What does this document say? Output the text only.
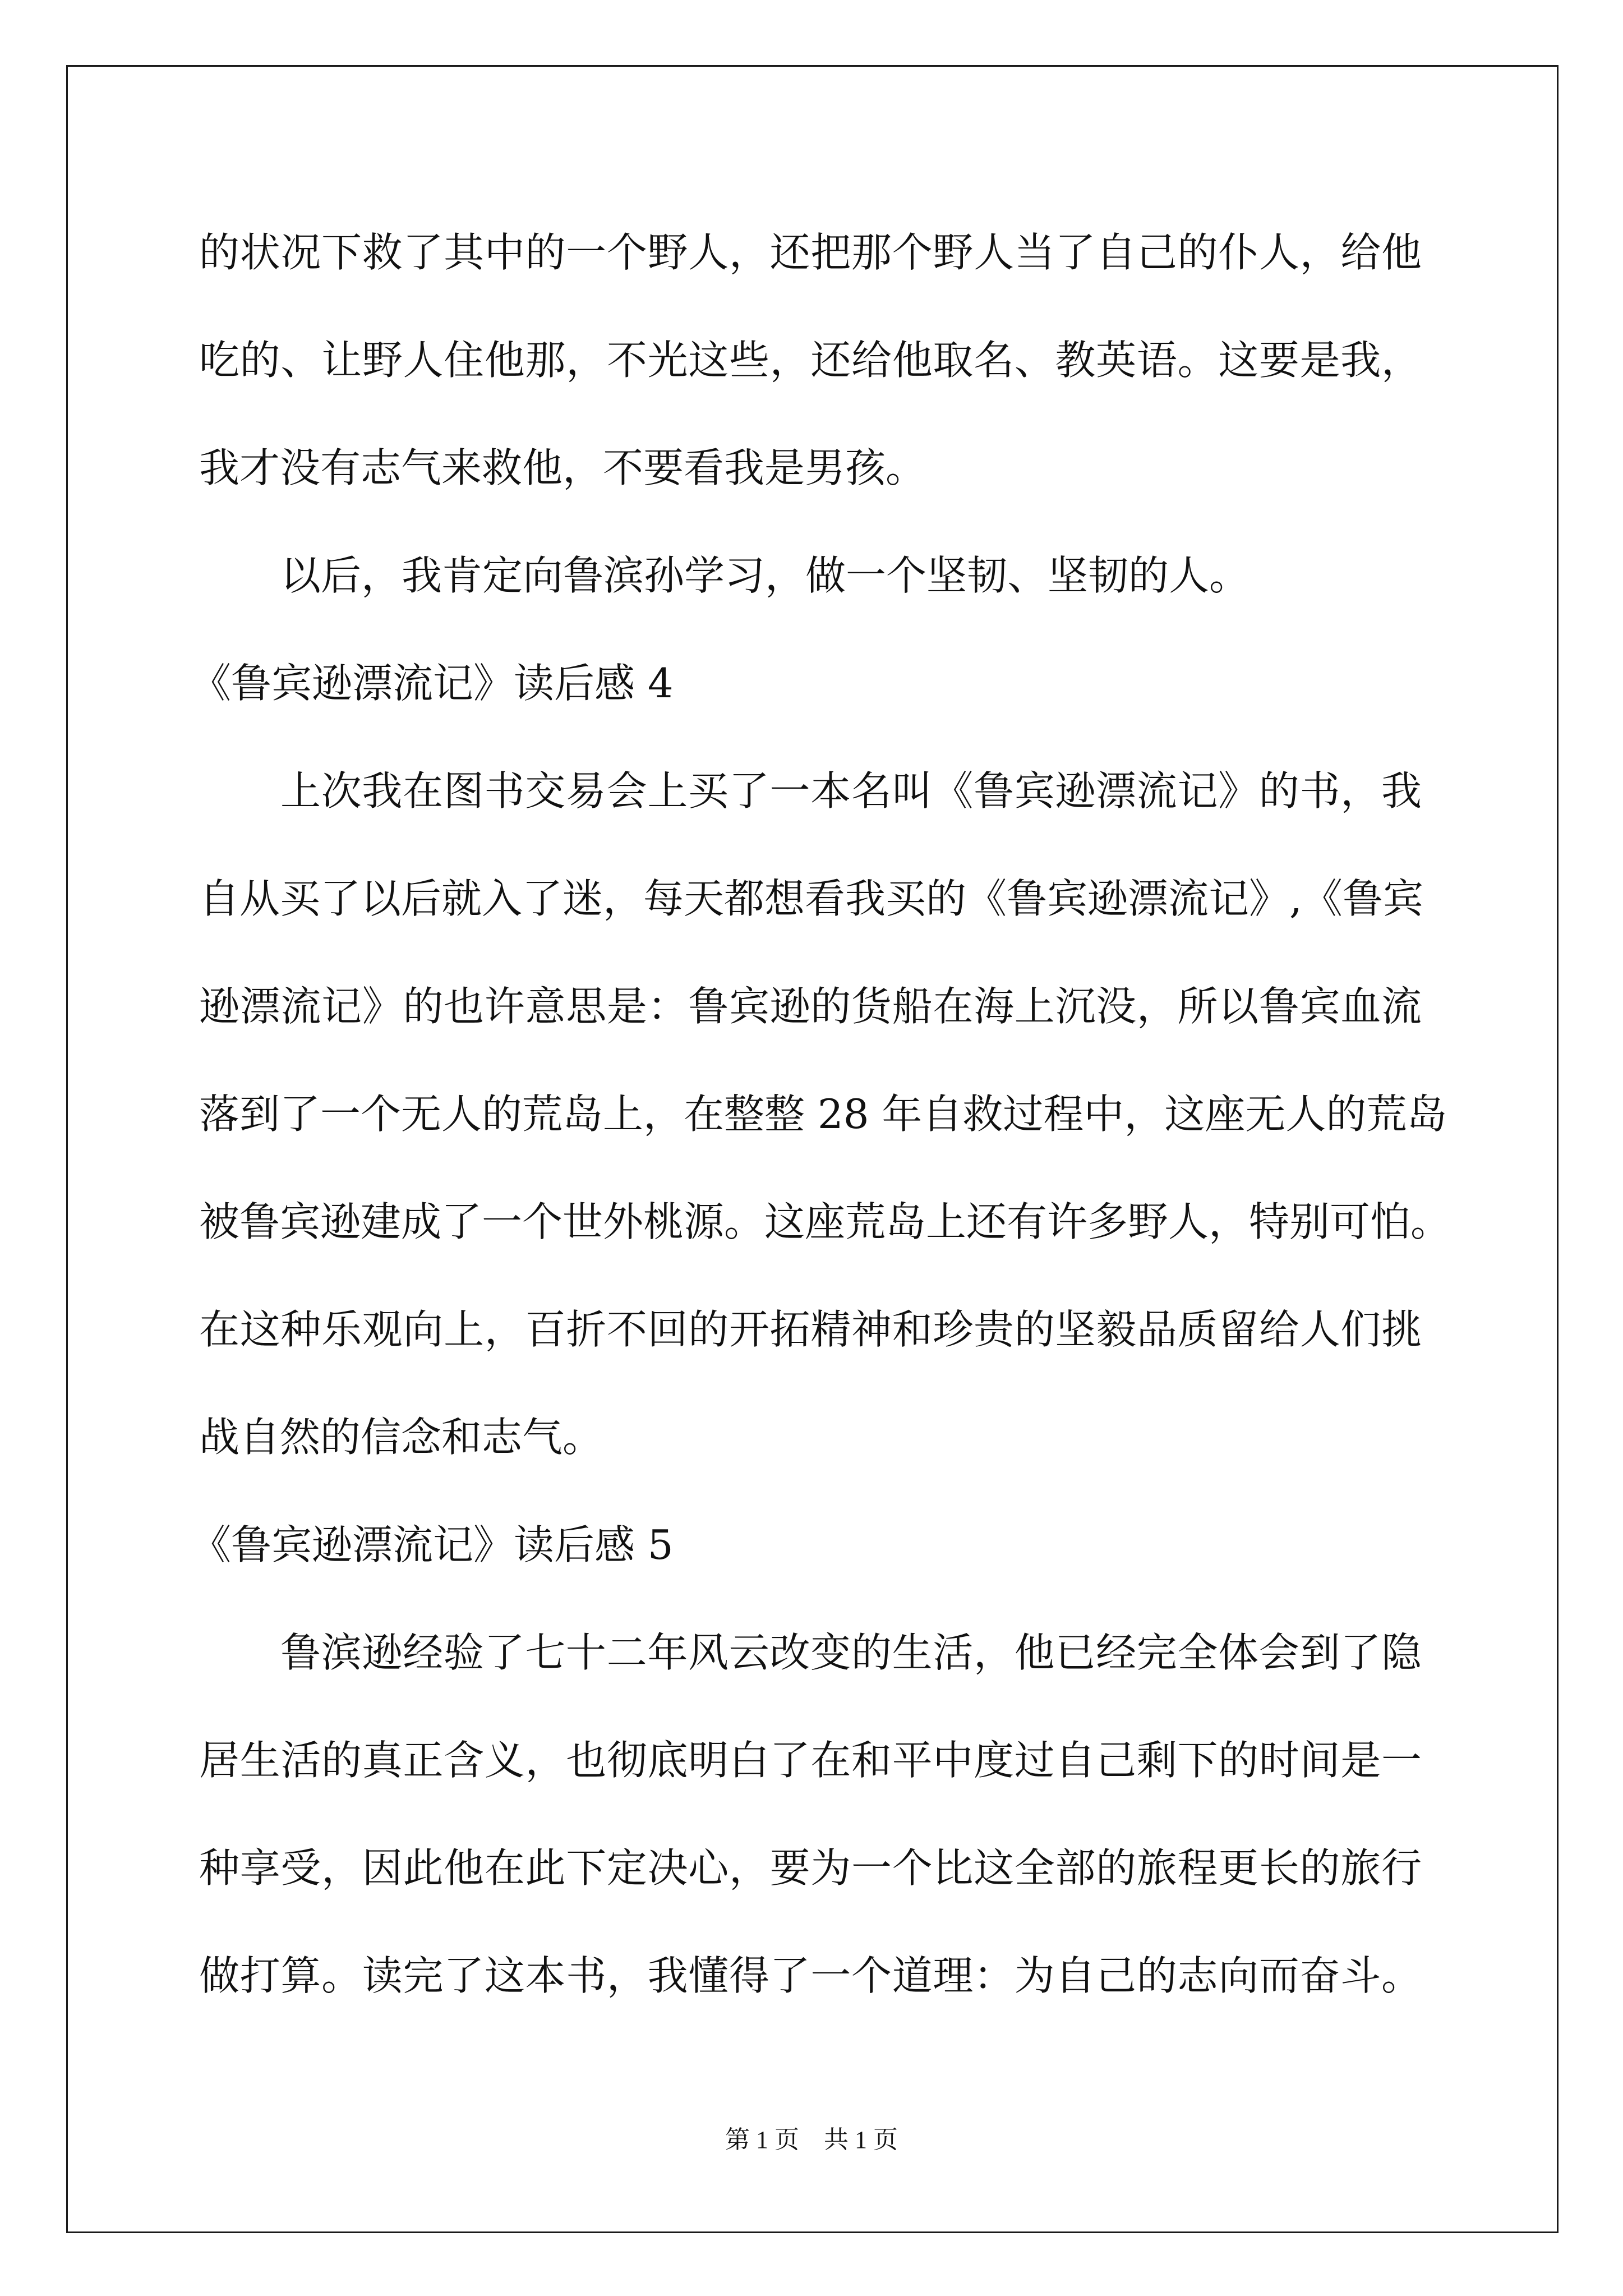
的状况下救了其中的一个野人，还把那个野人当了自己的仆人，给他
吃的、让野人住他那，不光这些，还给他取名、教英语。这要是我，
我才没有志气来救他，不要看我是男孩。
以后，我肯定向鲁滨孙学习，做一个坚韧、坚韧的人。
《鲁宾逊漂流记》读后感 4
上次我在图书交易会上买了一本名叫《鲁宾逊漂流记》的书，我
自从买了以后就入了迷，每天都想看我买的《鲁宾逊漂流记》,《鲁宾
逊漂流记》的也许意思是：鲁宾逊的货船在海上沉没，所以鲁宾血流
落到了一个无人的荒岛上，在整整 28 年自救过程中，这座无人的荒岛
被鲁宾逊建成了一个世外桃源。这座荒岛上还有许多野人，特别可怕。
在这种乐观向上，百折不回的开拓精神和珍贵的坚毅品质留给人们挑
战自然的信念和志气。
《鲁宾逊漂流记》读后感 5
鲁滨逊经验了七十二年风云改变的生活，他已经完全体会到了隐
居生活的真正含义，也彻底明白了在和平中度过自己剩下的时间是一
种享受，因此他在此下定决心，要为一个比这全部的旅程更长的旅行
做打算。读完了这本书，我懂得了一个道理：为自己的志向而奋斗。
第 1 页　共 1 页
